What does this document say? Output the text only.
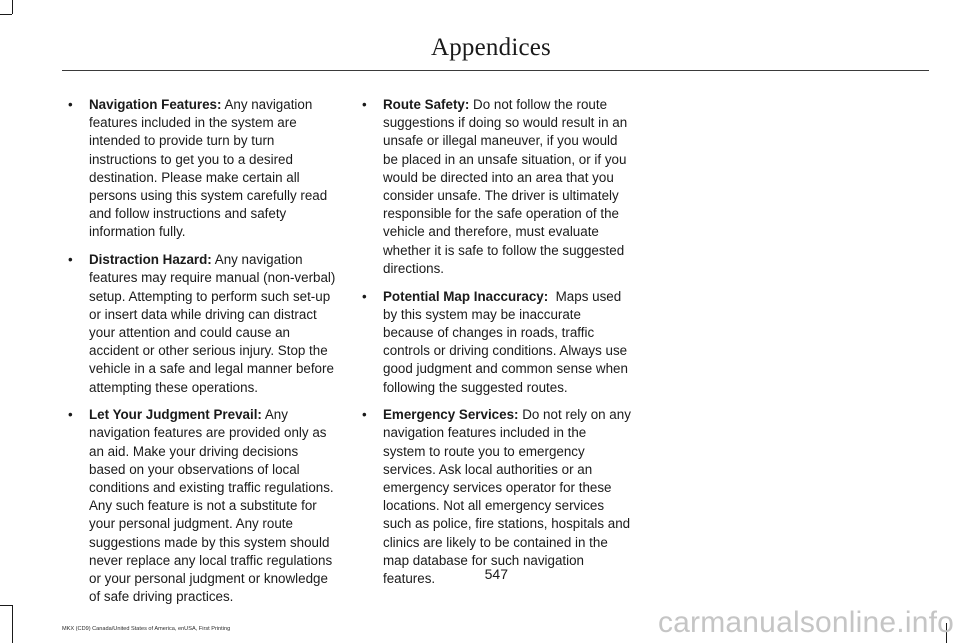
Appendices
• Navigation Features: Any navigation features included in the system are intended to provide turn by turn instructions to get you to a desired destination. Please make certain all persons using this system carefully read and follow instructions and safety information fully.
• Distraction Hazard: Any navigation features may require manual (non-verbal) setup. Attempting to perform such set-up or insert data while driving can distract your attention and could cause an accident or other serious injury. Stop the vehicle in a safe and legal manner before attempting these operations.
• Let Your Judgment Prevail: Any navigation features are provided only as an aid. Make your driving decisions based on your observations of local conditions and existing traffic regulations. Any such feature is not a substitute for your personal judgment. Any route suggestions made by this system should never replace any local traffic regulations or your personal judgment or knowledge of safe driving practices.
• Route Safety: Do not follow the route suggestions if doing so would result in an unsafe or illegal maneuver, if you would be placed in an unsafe situation, or if you would be directed into an area that you consider unsafe. The driver is ultimately responsible for the safe operation of the vehicle and therefore, must evaluate whether it is safe to follow the suggested directions.
• Potential Map Inaccuracy: Maps used by this system may be inaccurate because of changes in roads, traffic controls or driving conditions. Always use good judgment and common sense when following the suggested routes.
• Emergency Services: Do not rely on any navigation features included in the system to route you to emergency services. Ask local authorities or an emergency services operator for these locations. Not all emergency services such as police, fire stations, hospitals and clinics are likely to be contained in the map database for such navigation features.	547
MKX (CD9) Canada/United States of America, enUSA, First Printing	carmanualsonline.info
